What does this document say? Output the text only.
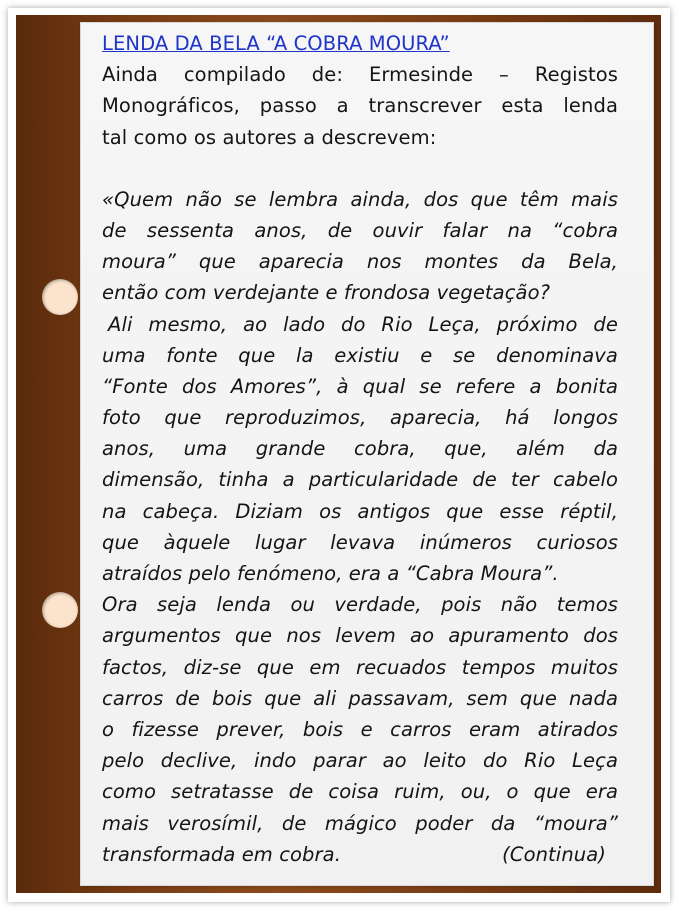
LENDA DA BELA “A COBRA MOURA”
Ainda compilado de: Ermesinde – Registos
Monográficos, passo a transcrever esta lenda
tal como os autores a descrevem:
«Quem não se lembra ainda, dos que têm mais
de sessenta anos, de ouvir falar na “cobra
moura” que aparecia nos montes da Bela,
então com verdejante e frondosa vegetação?
Ali mesmo, ao lado do Rio Leça, próximo de
uma fonte que la existiu e se denominava
“Fonte dos Amores”, à qual se refere a bonita
foto que reproduzimos, aparecia, há longos
anos, uma grande cobra, que, além da
dimensão, tinha a particularidade de ter cabelo
na cabeça. Diziam os antigos que esse réptil,
que àquele lugar levava inúmeros curiosos
atraídos pelo fenómeno, era a “Cabra Moura”.
Ora seja lenda ou verdade, pois não temos
argumentos que nos levem ao apuramento dos
factos, diz-se que em recuados tempos muitos
carros de bois que ali passavam, sem que nada
o fizesse prever, bois e carros eram atirados
pelo declive, indo parar ao leito do Rio Leça
como setratasse de coisa ruim, ou, o que era
mais verosímil, de mágico poder da “moura”
transformada em cobra.	(Continua)
